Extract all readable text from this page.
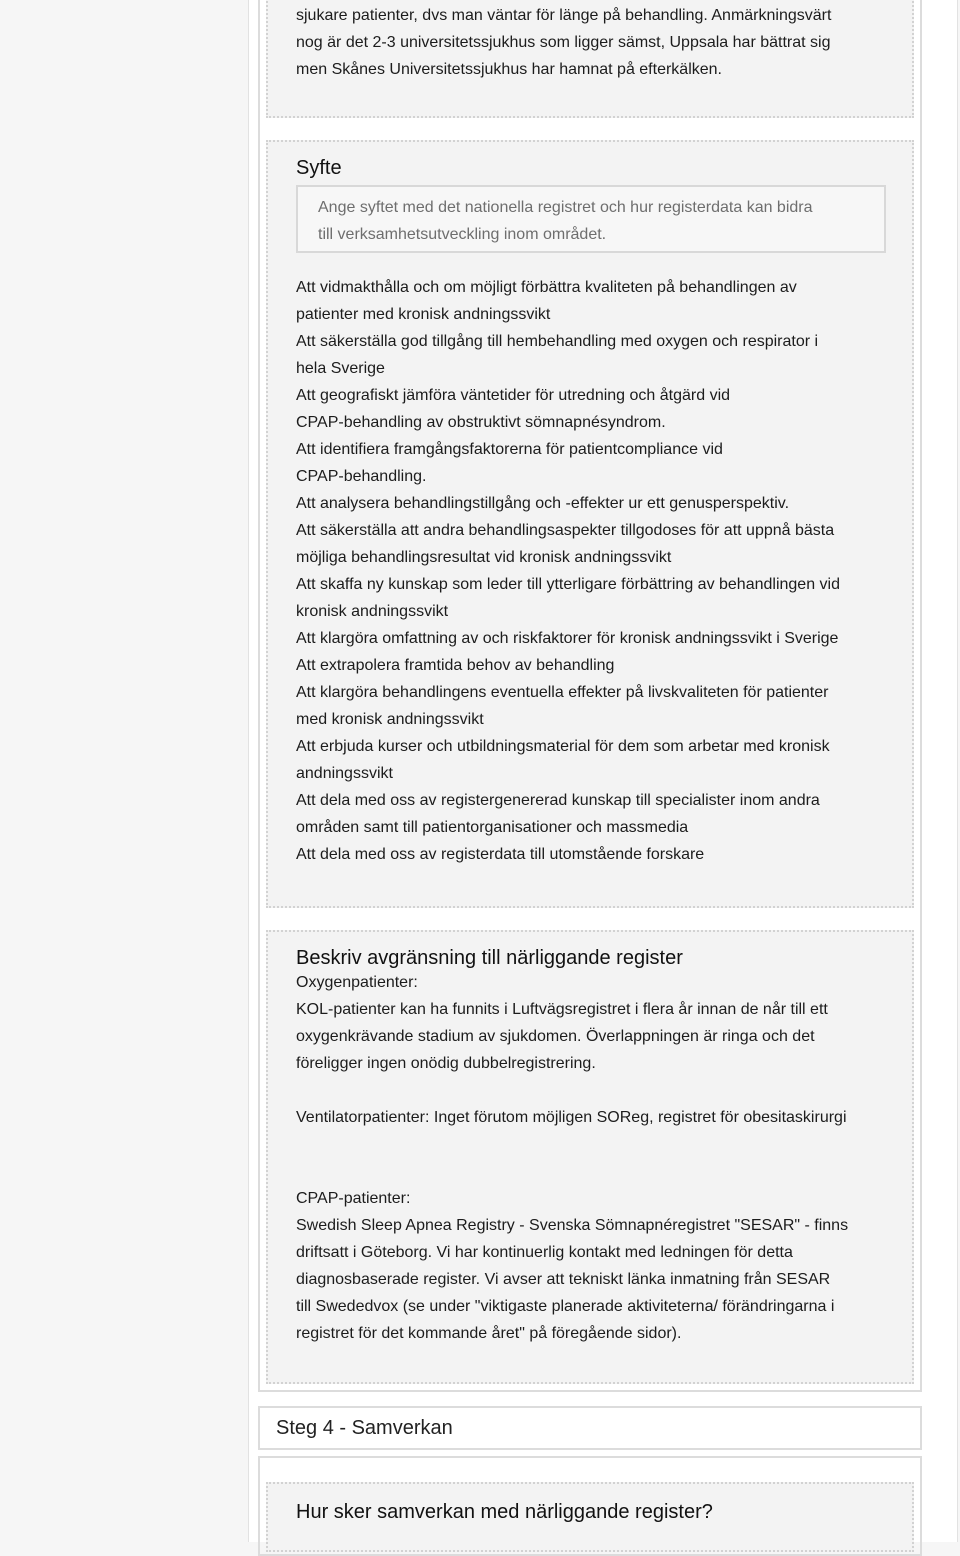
sjukare patienter, dvs man väntar för länge på behandling. Anmärkningsvärt
nog är det 2-3 universitetssjukhus som ligger sämst, Uppsala har bättrat sig
men Skånes Universitetssjukhus har hamnat på efterkälken.
Syfte
Ange syftet med det nationella registret och hur registerdata kan bidra
till verksamhetsutveckling inom området.
Att vidmakthålla och om möjligt förbättra kvaliteten på behandlingen av
patienter med kronisk andningssvikt
Att säkerställa god tillgång till hembehandling med oxygen och respirator i
hela Sverige
Att geografiskt jämföra väntetider för utredning och åtgärd vid
CPAP-behandling av obstruktivt sömnapnésyndrom.
Att identifiera framgångsfaktorerna för patientcompliance vid
CPAP-behandling.
Att analysera behandlingstillgång och -effekter ur ett genusperspektiv.
Att säkerställa att andra behandlingsaspekter tillgodoses för att uppnå bästa
möjliga behandlingsresultat vid kronisk andningssvikt
Att skaffa ny kunskap som leder till ytterligare förbättring av behandlingen vid
kronisk andningssvikt
Att klargöra omfattning av och riskfaktorer för kronisk andningssvikt i Sverige
Att extrapolera framtida behov av behandling
Att klargöra behandlingens eventuella effekter på livskvaliteten för patienter
med kronisk andningssvikt
Att erbjuda kurser och utbildningsmaterial för dem som arbetar med kronisk
andningssvikt
Att dela med oss av registergenererad kunskap till specialister inom andra
områden samt till patientorganisationer och massmedia
Att dela med oss av registerdata till utomstående forskare
Beskriv avgränsning till närliggande register

Oxygenpatienter:

KOL-patienter kan ha funnits i Luftvägsregistret i flera år innan de når till ett

oxygenkrävande stadium av sjukdomen. Överlappningen är ringa och det

föreligger ingen onödig dubbelregistrering.

Ventilatorpatienter: Inget förutom möjligen SOReg, registret för obesitaskirurgi

CPAP-patienter:

Swedish Sleep Apnea Registry - Svenska Sömnapnéregistret "SESAR" - finns

driftsatt i Göteborg. Vi har kontinuerlig kontakt med ledningen för detta

diagnosbaserade register. Vi avser att tekniskt länka inmatning från SESAR

till Swededvox (se under "viktigaste planerade aktiviteterna/ förändringarna i

registret för det kommande året" på föregående sidor).

Steg 4 - Samverkan
Hur sker samverkan med närliggande register?
